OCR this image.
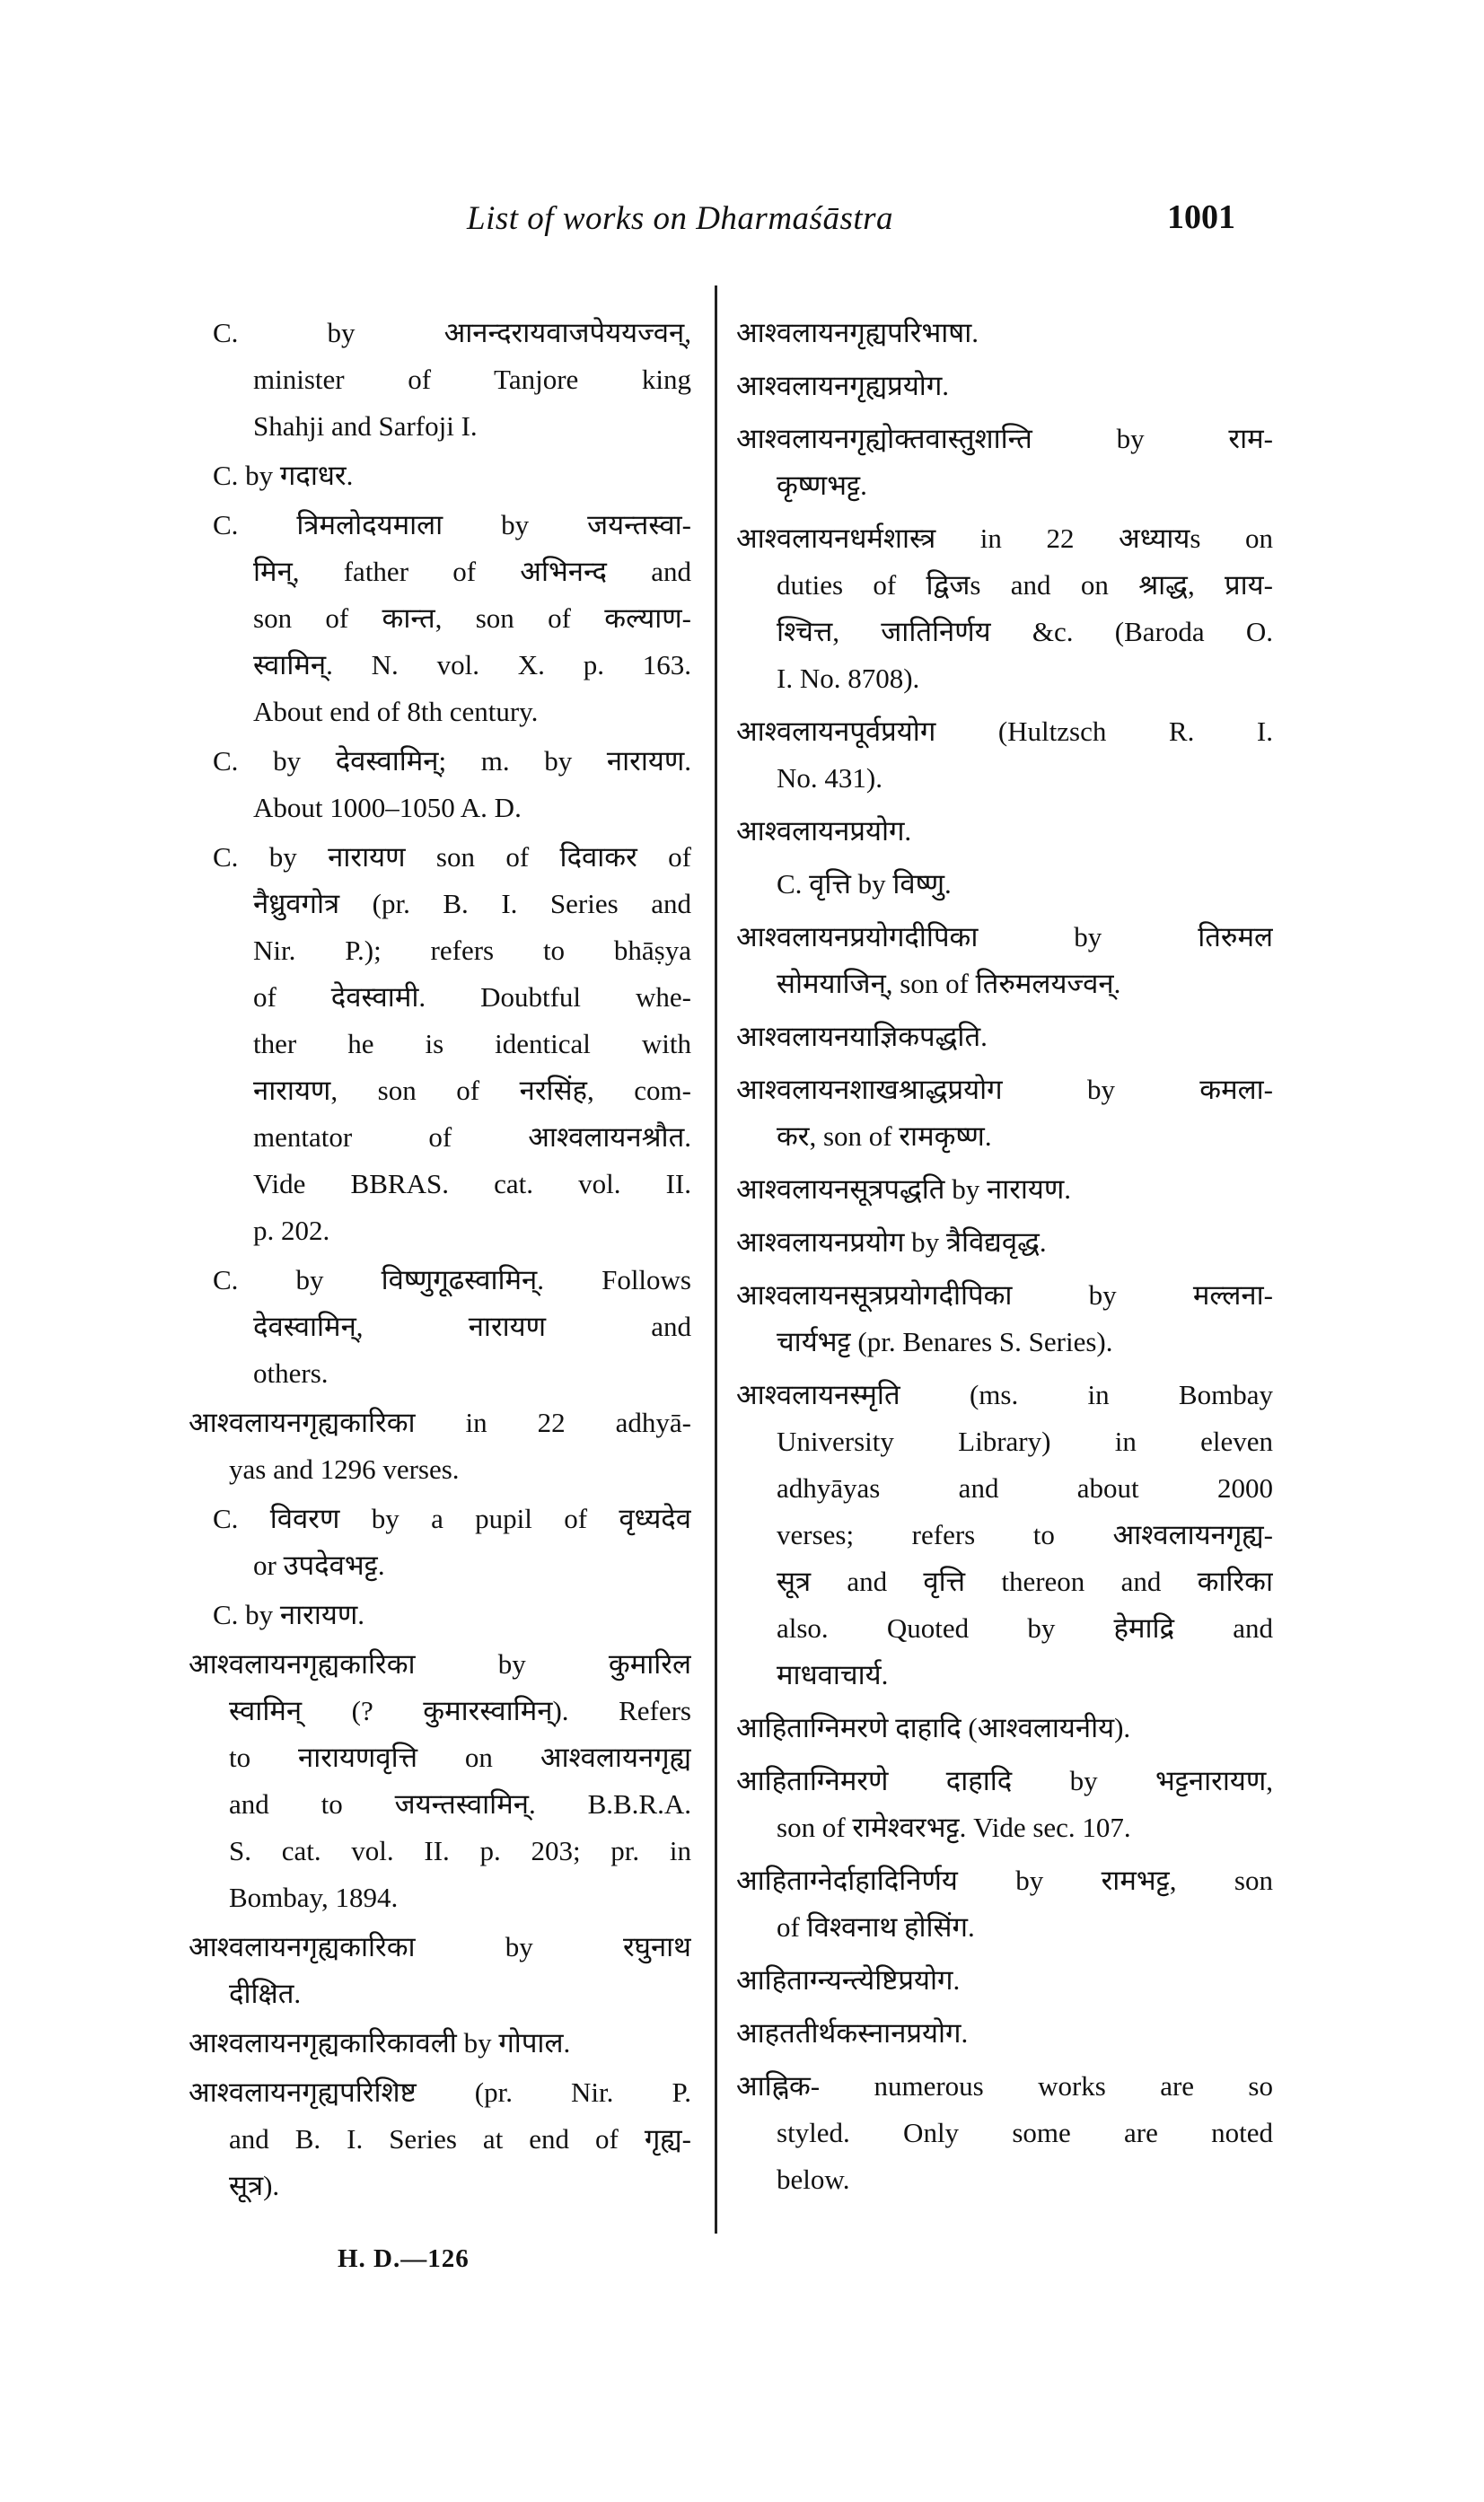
List of works on Dharmaśāstra	1001
C. by आनन्दरायवाजपेययज्वन्,
minister of Tanjore king
Shahji and Sarfoji I.
C. by गदाधर.
C. त्रिमलोदयमाला by जयन्तस्वा-
मिन्, father of अभिनन्द and
son of कान्त, son of कल्याण-
स्वामिन्. N. vol. X. p. 163.
About end of 8th century.
C. by देवस्वामिन्; m. by नारायण.
About 1000–1050 A. D.
C. by नारायण son of दिवाकर of
नैध्रुवगोत्र (pr. B. I. Series and
Nir. P.); refers to bhāṣya
of देवस्वामी. Doubtful whe-
ther he is identical with
नारायण, son of नरसिंह, com-
mentator of आश्वलायनश्रौत.
Vide BBRAS. cat. vol. II.
p. 202.
C. by विष्णुगूढस्वामिन्. Follows
देवस्वामिन्, नारायण and
others.
आश्वलायनगृह्यकारिका in 22 adhyā-
yas and 1296 verses.
C. विवरण by a pupil of वृध्यदेव
or उपदेवभट्ट.
C. by नारायण.
आश्वलायनगृह्यकारिका by कुमारिल
स्वामिन् (? कुमारस्वामिन्). Refers
to नारायणवृत्ति on आश्वलायनगृह्य
and to जयन्तस्वामिन्. B.B.R.A.
S. cat. vol. II. p. 203; pr. in
Bombay, 1894.
आश्वलायनगृह्यकारिका by रघुनाथ
दीक्षित.
आश्वलायनगृह्यकारिकावली by गोपाल.
आश्वलायनगृह्यपरिशिष्ट (pr. Nir. P.
and B. I. Series at end of गृह्य-
सूत्र).
आश्वलायनगृह्यपरिभाषा.
आश्वलायनगृह्यप्रयोग.
आश्वलायनगृह्योक्तवास्तुशान्ति by राम-
कृष्णभट्ट.
आश्वलायनधर्मशास्त्र in 22 अध्यायs on
duties of द्विजs and on श्राद्ध, प्राय-
श्चित्त, जातिनिर्णय &c. (Baroda O.
I. No. 8708).
आश्वलायनपूर्वप्रयोग (Hultzsch R. I.
No. 431).
आश्वलायनप्रयोग.
C. वृत्ति by विष्णु.
आश्वलायनप्रयोगदीपिका by तिरुमल
सोमयाजिन्, son of तिरुमलयज्वन्.
आश्वलायनयाज्ञिकपद्धति.
आश्वलायनशाखश्राद्धप्रयोग by कमला-
कर, son of रामकृष्ण.
आश्वलायनसूत्रपद्धति by नारायण.
आश्वलायनप्रयोग by त्रैविद्यवृद्ध.
आश्वलायनसूत्रप्रयोगदीपिका by मल्लना-
चार्यभट्ट (pr. Benares S. Series).
आश्वलायनस्मृति (ms. in Bombay
University Library) in eleven
adhyāyas and about 2000
verses; refers to आश्वलायनगृह्य-
सूत्र and वृत्ति thereon and कारिका
also. Quoted by हेमाद्रि and
माधवाचार्य.
आहिताग्निमरणे दाहादि (आश्वलायनीय).
आहिताग्निमरणे दाहादि by भट्टनारायण,
son of रामेश्वरभट्ट. Vide sec. 107.
आहिताग्नेर्दाहादिनिर्णय by रामभट्ट, son
of विश्वनाथ होसिंग.
आहिताग्न्यन्त्येष्टिप्रयोग.
आहततीर्थकस्नानप्रयोग.
आह्निक- numerous works are so
styled. Only some are noted
below.
H. D.—126
